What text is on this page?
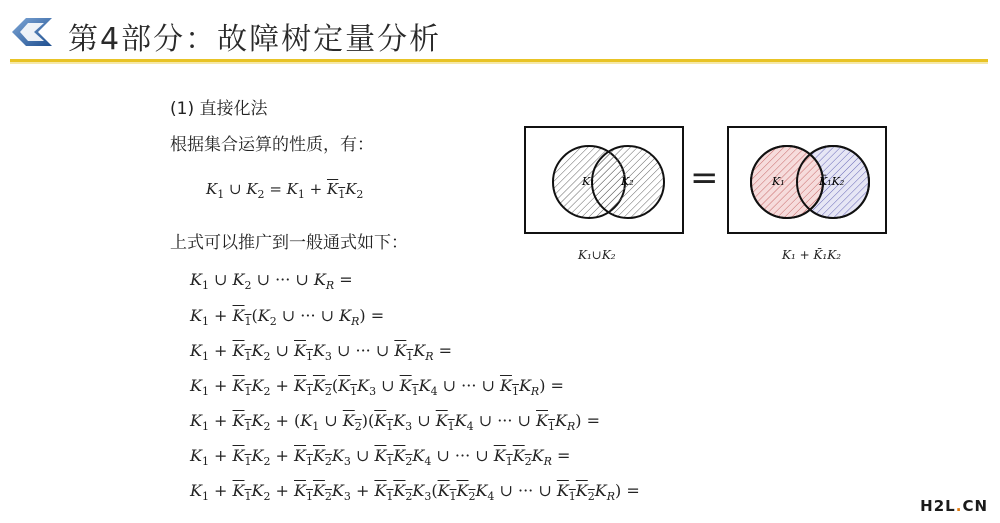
第4部分：故障树定量分析
(1) 直接化法
根据集合运算的性质，有：
$K_1$ ∪ $K_2 = K_1 + K_1K_2$
上式可以推广到一般通式如下：
$K_1$ ∪ $K_2$ ∪ ··· ∪ $K_R$ =
$K_1 + K_1(K_2$ ∪ ··· ∪ $K_R$) =
$K_1 + K_1K_2$ ∪ $K_1K_3$ ∪ ··· ∪ $K_1K_R$ =
$K_1 + K_1K_2 + K_1K_2(K_1K_3$ ∪ $K_1K_4$ ∪ ··· ∪ $K_1K_R$) =
$K_1 + K_1K_2 + (K_1$ ∪ $K_2)(K_1K_3$ ∪ $K_1K_4$ ∪ ··· ∪ $K_1K_R$) =
$K_1 + K_1K_2 + K_1K_2K_3$ ∪ $K_1K_2K_4$ ∪ ··· ∪ $K_1K_2K_R$ =
$K_1 + K_1K_2 + K_1K_2K_3 + K_1K_2K_3(K_1K_2K_4$ ∪ ··· ∪ $K_1K_2K_R$) =
K₁ K₂ =	K₁	K̄₁K₂
K₁∪K₂	K₁ + K̄₁K₂
H2L.CN
